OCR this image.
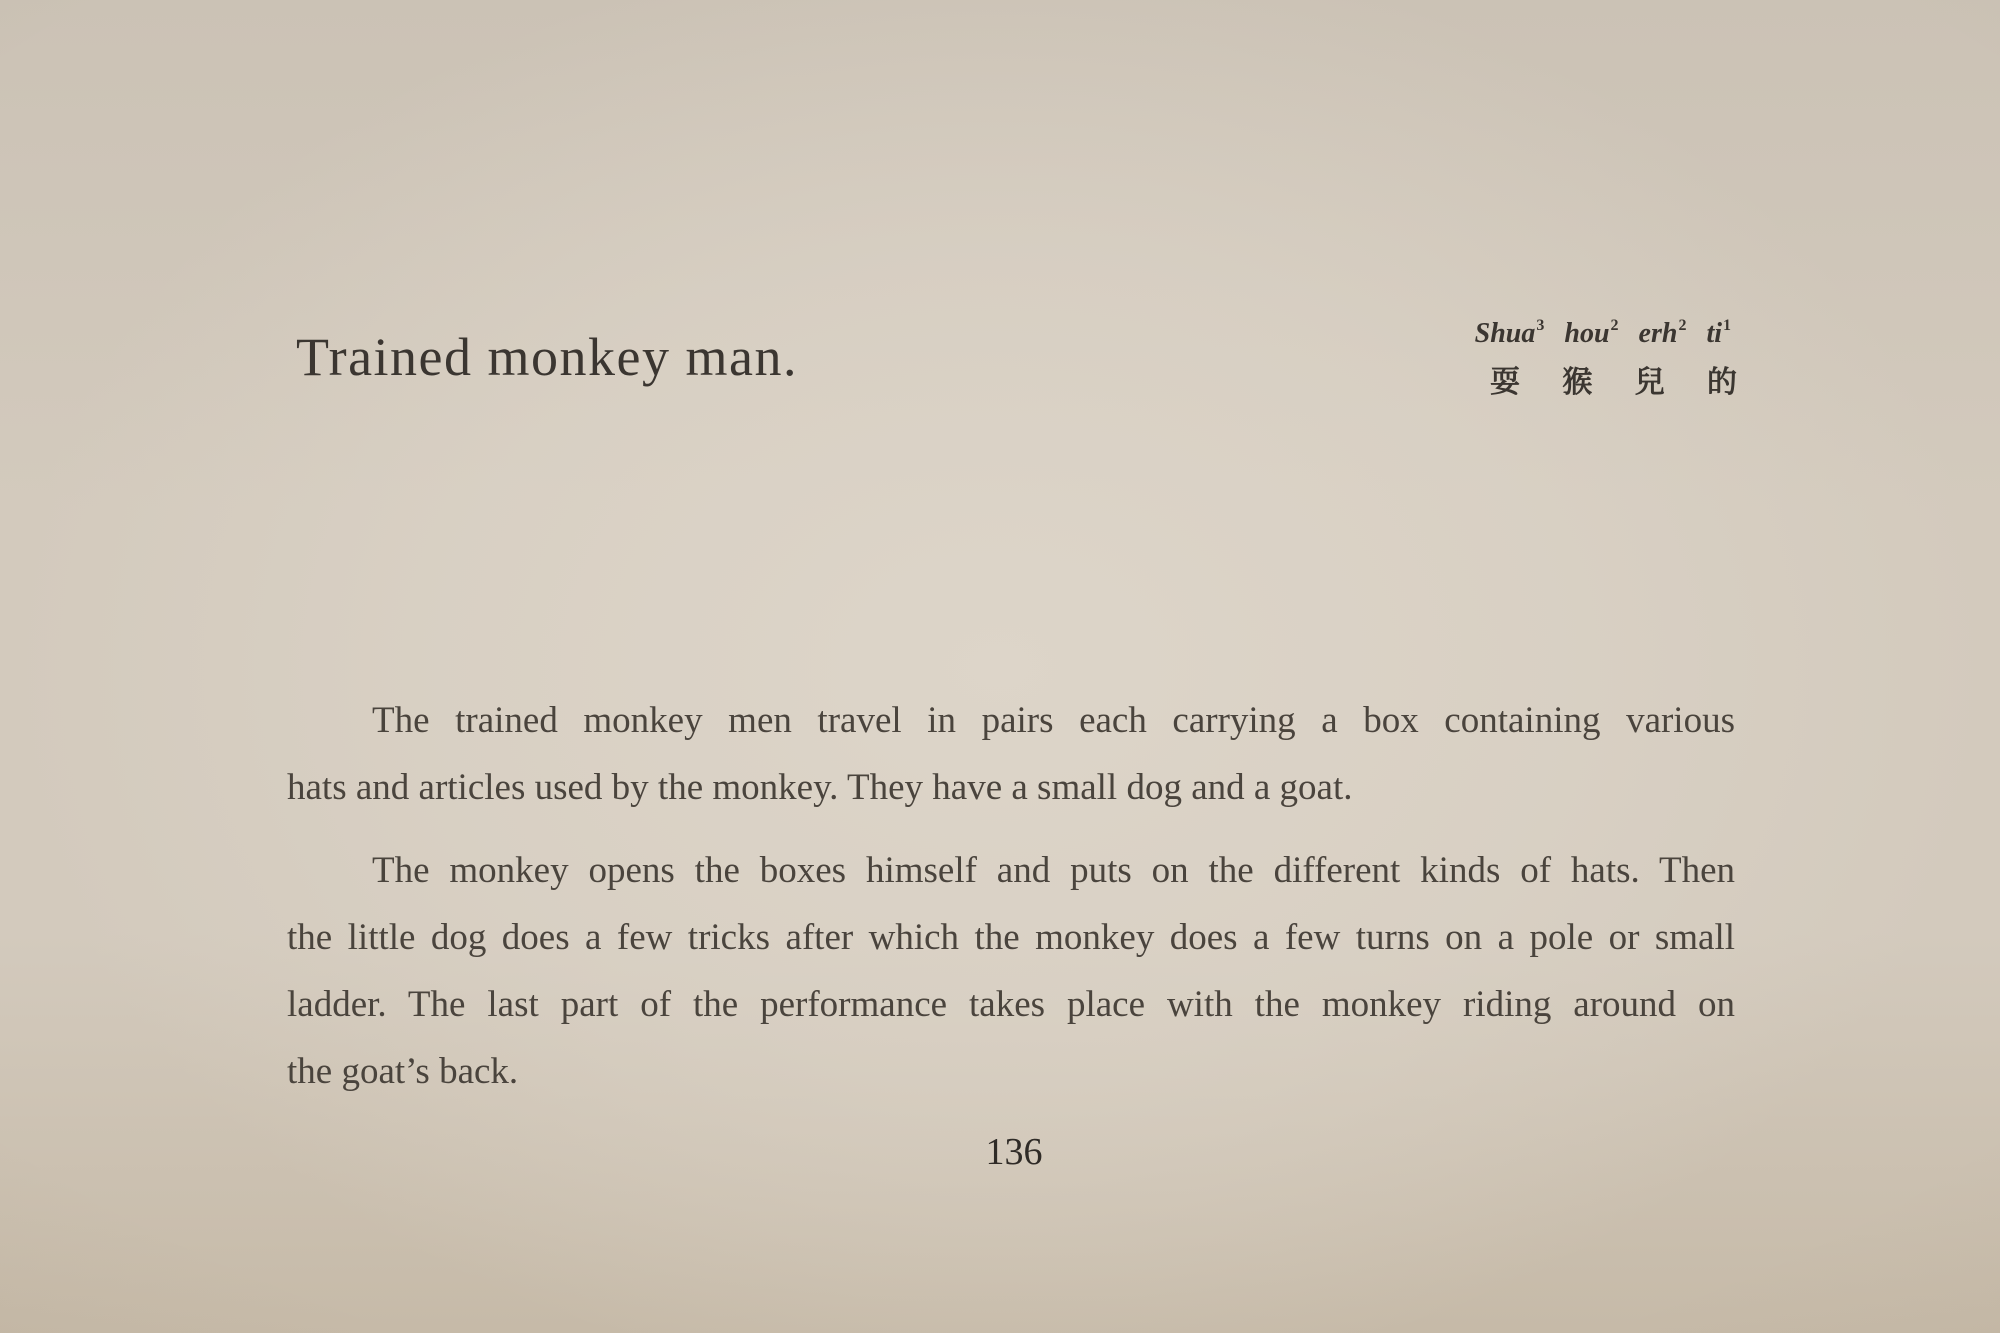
Trained monkey man.	Shua$^3$ hou$^2$ erh$^2$ $ti^1$
耍 猴 兒 的
The trained monkey men travel in pairs each carrying a box containing various
hats and articles used by the monkey. They have a small dog and a goat.
The monkey opens the boxes himself and puts on the different kinds of hats. Then
the little dog does a few tricks after which the monkey does a few turns on a pole or small
ladder. The last part of the performance takes place with the monkey riding around on
the goat’s back.
136
